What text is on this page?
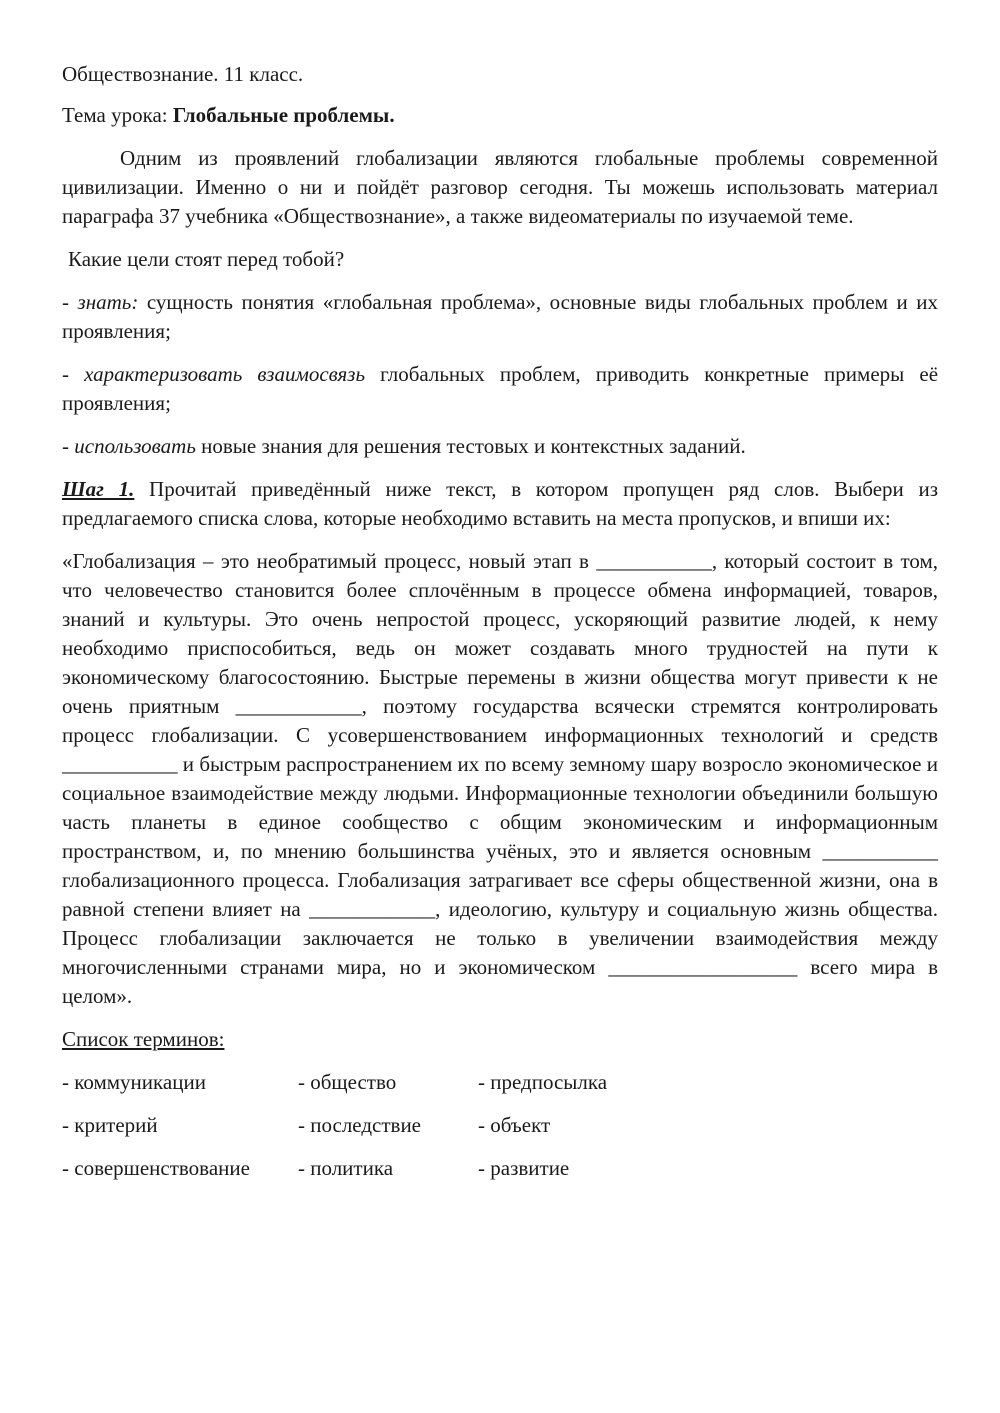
Обществознание. 11 класс.

Тема урока: Глобальные проблемы.

Одним из проявлений глобализации являются глобальные проблемы современной цивилизации. Именно о ни и пойдёт разговор сегодня. Ты можешь использовать материал параграфа 37 учебника «Обществознание», а также видеоматериалы по изучаемой теме.

Какие цели стоят перед тобой?

- знать: сущность понятия «глобальная проблема», основные виды глобальных проблем и их проявления;

- характеризовать взаимосвязь глобальных проблем, приводить конкретные примеры её проявления;

- использовать новые знания для решения тестовых и контекстных заданий.

Шаг 1. Прочитай приведённый ниже текст, в котором пропущен ряд слов. Выбери из предлагаемого списка слова, которые необходимо вставить на места пропусков, и впиши их:

«Глобализация – это необратимый процесс, новый этап в ___________, который состоит в том, что человечество становится более сплочённым в процессе обмена информацией, товаров, знаний и культуры. Это очень непростой процесс, ускоряющий развитие людей, к нему необходимо приспособиться, ведь он может создавать много трудностей на пути к экономическому благосостоянию. Быстрые перемены в жизни общества могут привести к не очень приятным ____________, поэтому государства всячески стремятся контролировать процесс глобализации. С усовершенствованием информационных технологий и средств ___________ и быстрым распространением их по всему земному шару возросло экономическое и социальное взаимодействие между людьми. Информационные технологии объединили большую часть планеты в единое сообщество с общим экономическим и информационным пространством, и, по мнению большинства учёных, это и является основным ___________ глобализационного процесса. Глобализация затрагивает все сферы общественной жизни, она в равной степени влияет на ____________, идеологию, культуру и социальную жизнь общества. Процесс глобализации заключается не только в увеличении взаимодействия между многочисленными странами мира, но и экономическом __________________ всего мира в целом».

Список терминов:

- коммуникации	- общество	- предпосылка
- критерий	- последствие	- объект
- совершенствование	- политика	- развитие
